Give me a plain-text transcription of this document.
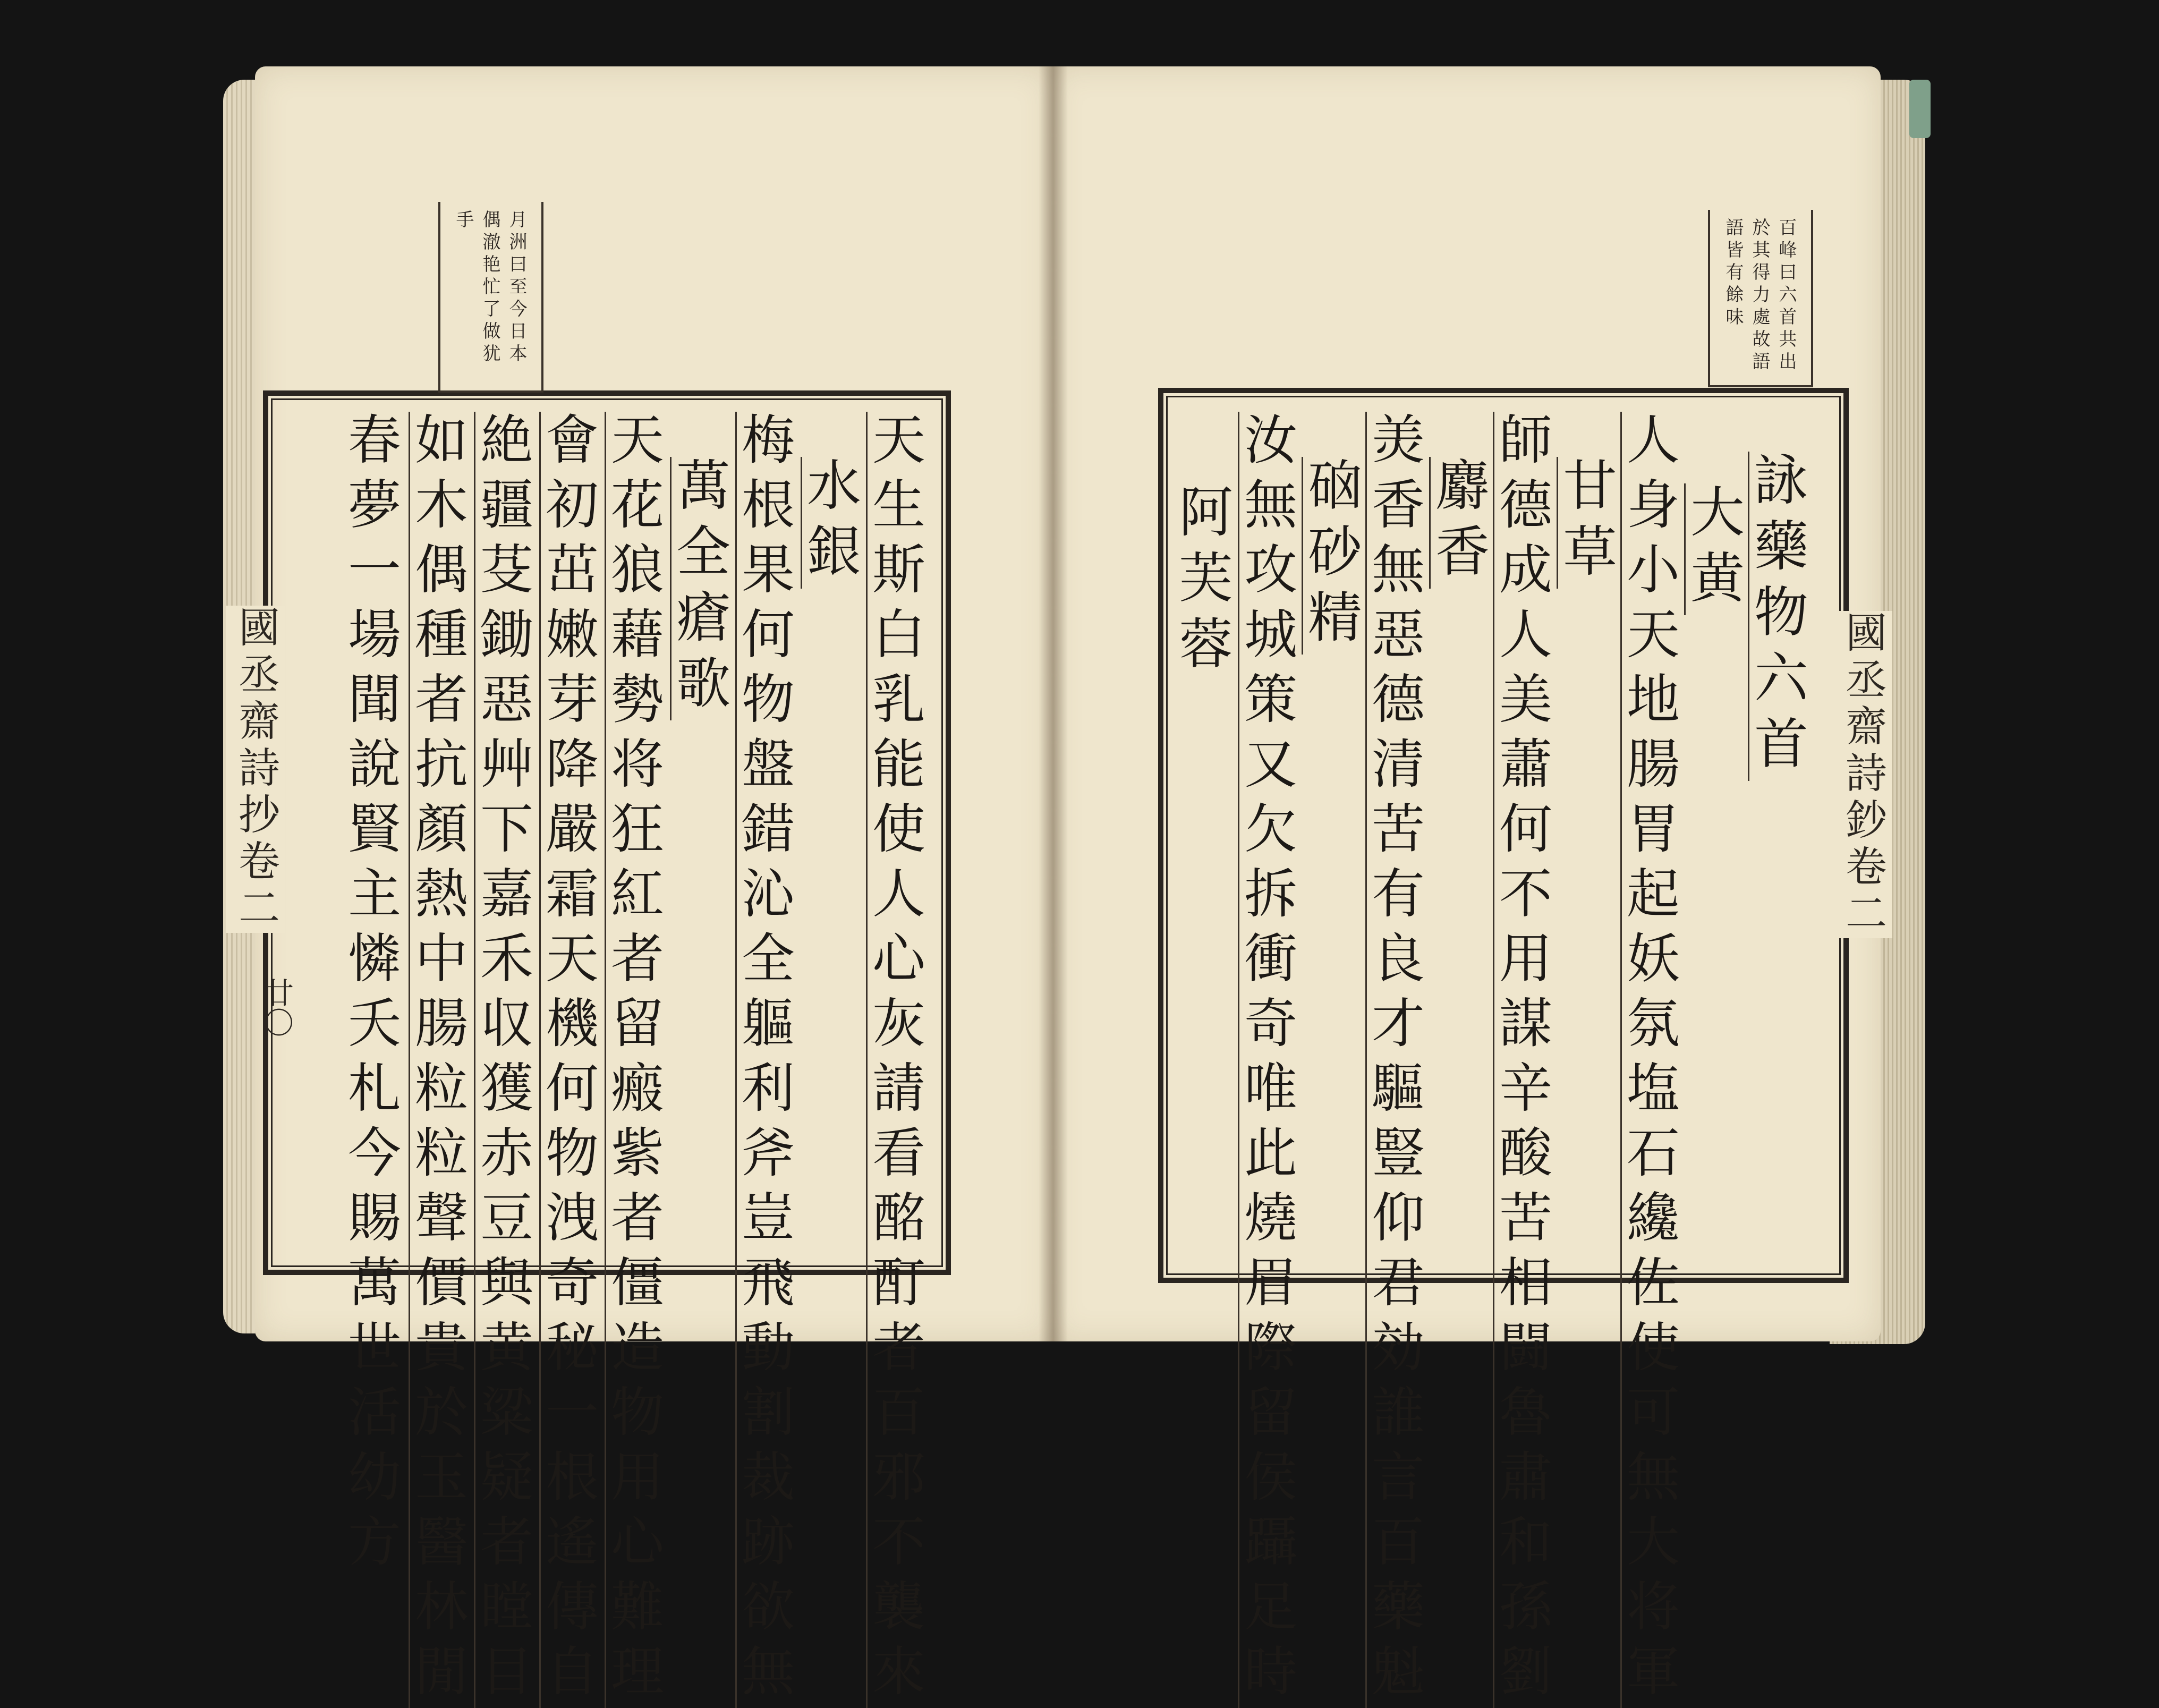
月洲曰至今日本
偶澈艳忙了做犹
手
國丞齋詩抄卷二
廿〇	天生斯白乳能使人心灰請看酩酊者百邪不襲來
水銀
梅根果何物盤錯沁全軀利斧豈飛動割裁跡欲無
萬全瘡歌
天花狼藉勢将狂紅者留瘢紫者僵造物用心難理
會初茁嫩芽降嚴霜天機何物洩奇秘一根遙傳自
絶疆芟鋤惡艸下嘉禾収獲赤豆與黄粱疑者瞠目
如木偶種者抗顏熱中腸粒粒聲價貴於玉醫林閒
春夢一場聞說賢主憐夭札今賜萬世活幼方
百峰曰六首共出
於其得力處故語
語皆有餘味
國丞齋詩鈔卷二
詠藥物六首
大黄
人身小天地腸胃起妖氛塩石纔佐使可無大将軍
甘草
師德成人美蕭何不用謀辛酸苦相闘魯肅和孫劉
麝香
羙香無惡德清苦有良才驅豎仰君効誰言百藥魁
硇砂精
汝無攻城策又欠拆衝奇唯此燒眉際留侯躡足時
阿芙蓉
